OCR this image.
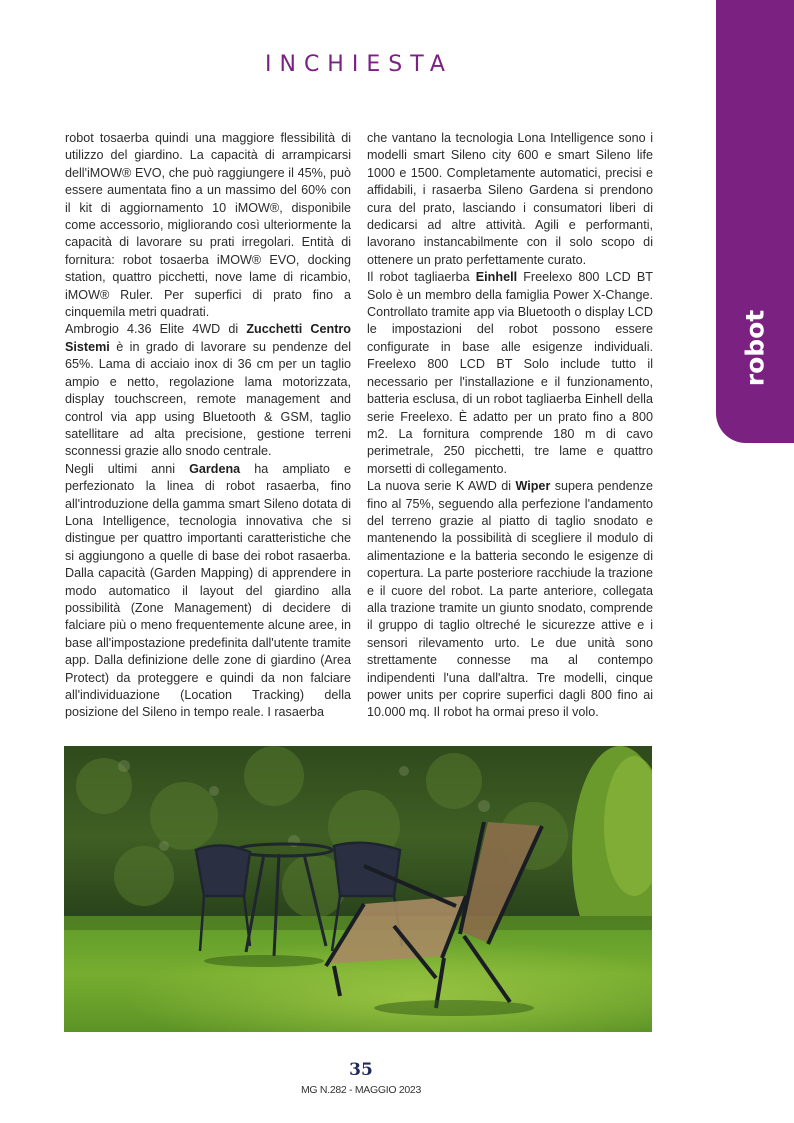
INCHIESTA
robot

robot tosaerba quindi una maggiore flessibilità di utilizzo del giardino. La capacità di arrampicarsi dell'iMOW® EVO, che può raggiungere il 45%, può essere aumentata fino a un massimo del 60% con il kit di aggiornamento 10 iMOW®, disponibile come accessorio, migliorando così ulteriormente la capacità di lavorare su prati irregolari. Entità di fornitura: robot tosaerba iMOW® EVO, docking station, quattro picchetti, nove lame di ricambio, iMOW® Ruler. Per superfici di prato fino a cinquemila metri quadrati.

Ambrogio 4.36 Elite 4WD di Zucchetti Centro Sistemi è in grado di lavorare su pendenze del 65%. Lama di acciaio inox di 36 cm per un taglio ampio e netto, regolazione lama motorizzata, display touchscreen, remote management and control via app using Bluetooth & GSM, taglio satellitare ad alta precisione, gestione terreni sconnessi grazie allo snodo centrale.

Negli ultimi anni Gardena ha ampliato e perfezionato la linea di robot rasaerba, fino all'introduzione della gamma smart Sileno dotata di Lona Intelligence, tecnologia innovativa che si distingue per quattro importanti caratteristiche che si aggiungono a quelle di base dei robot rasaerba. Dalla capacità (Garden Mapping) di apprendere in modo automatico il layout del giardino alla possibilità (Zone Management) di decidere di falciare più o meno frequentemente alcune aree, in base all'impostazione predefinita dall'utente tramite app. Dalla definizione delle zone di giardino (Area Protect) da proteggere e quindi da non falciare all'individuazione (Location Tracking) della posizione del Sileno in tempo reale. I rasaerba

che vantano la tecnologia Lona Intelligence sono i modelli smart Sileno city 600 e smart Sileno life 1000 e 1500. Completamente automatici, precisi e affidabili, i rasaerba Sileno Gardena si prendono cura del prato, lasciando i consumatori liberi di dedicarsi ad altre attività. Agili e performanti, lavorano instancabilmente con il solo scopo di ottenere un prato perfettamente curato.

Il robot tagliaerba Einhell Freelexo 800 LCD BT Solo è un membro della famiglia Power X-Change. Controllato tramite app via Bluetooth o display LCD le impostazioni del robot possono essere configurate in base alle esigenze individuali. Freelexo 800 LCD BT Solo include tutto il necessario per l'installazione e il funzionamento, batteria esclusa, di un robot tagliaerba Einhell della serie Freelexo. È adatto per un prato fino a 800 m2. La fornitura comprende 180 m di cavo perimetrale, 250 picchetti, tre lame e quattro morsetti di collegamento.

La nuova serie K AWD di Wiper supera pendenze fino al 75%, seguendo alla perfezione l'andamento del terreno grazie al piatto di taglio snodato e mantenendo la possibilità di scegliere il modulo di alimentazione e la batteria secondo le esigenze di copertura. La parte posteriore racchiude la trazione e il cuore del robot. La parte anteriore, collegata alla trazione tramite un giunto snodato, comprende il gruppo di taglio oltreché le sicurezze attive e i sensori rilevamento urto. Le due unità sono strettamente connesse ma al contempo indipendenti l'una dall'altra. Tre modelli, cinque power units per coprire superfici dagli 800 fino ai 10.000 mq. Il robot ha ormai preso il volo.

35
MG N.282 - MAGGIO 2023
